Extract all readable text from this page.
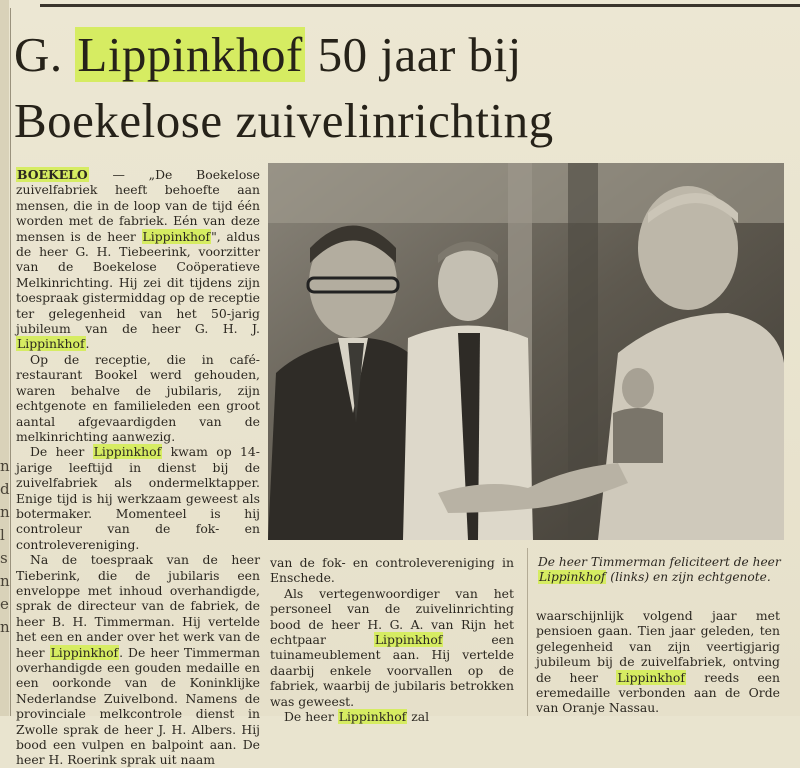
n
d
n
l
s
n
e
n
G. Lippinkhof 50 jaar bij
Boekelose zuivelinrichting

BOEKELO — „De Boekelose zuivelfabriek heeft behoefte aan mensen, die in de loop van de tijd één worden met de fabriek. Eén van deze mensen is de heer Lippinkhof", aldus de heer G. H. Tiebeerink, voorzitter van de Boekelose Coöperatieve Melkinrichting. Hij zei dit tijdens zijn toespraak gistermiddag op de receptie ter gelegenheid van het 50-jarig jubileum van de heer G. H. J. Lippinkhof.

Op de receptie, die in café-restaurant Bookel werd gehouden, waren behalve de jubilaris, zijn echtgenote en familieleden een groot aantal afgevaardigden van de melkinrichting aanwezig.

De heer Lippinkhof kwam op 14-jarige leeftijd in dienst bij de zuivelfabriek als ondermelktapper. Enige tijd is hij werkzaam geweest als botermaker. Momenteel is hij controleur van de fok- en controlevereniging.

Na de toespraak van de heer Tieberink, die de jubilaris een enveloppe met inhoud overhandigde, sprak de directeur van de fabriek, de heer B. H. Timmerman. Hij vertelde het een en ander over het werk van de heer Lippinkhof. De heer Timmerman overhandigde een gouden medaille en een oorkonde van de Koninklijke Nederlandse Zuivelbond. Namens de provinciale melkcontrole dienst in Zwolle sprak de heer J. H. Albers. Hij bood een vulpen en balpoint aan. De heer H. Roerink sprak uit naam

van de fok- en controlevereniging in Enschede.

Als vertegenwoordiger van het personeel van de zuivelinrichting bood de heer H. G. A. van Rijn het echtpaar Lippinkhof een tuinameublement aan. Hij vertelde daarbij enkele voorvallen op de fabriek, waarbij de jubilaris betrokken was geweest.

De heer Lippinkhof zal

De heer Timmerman feliciteert de heer Lippinkhof (links) en zijn echtgenote.

waarschijnlijk volgend jaar met pensioen gaan. Tien jaar geleden, ten gelegenheid van zijn veertigjarig jubileum bij de zuivelfabriek, ontving de heer Lippinkhof reeds een eremedaille verbonden aan de Orde van Oranje Nassau.
